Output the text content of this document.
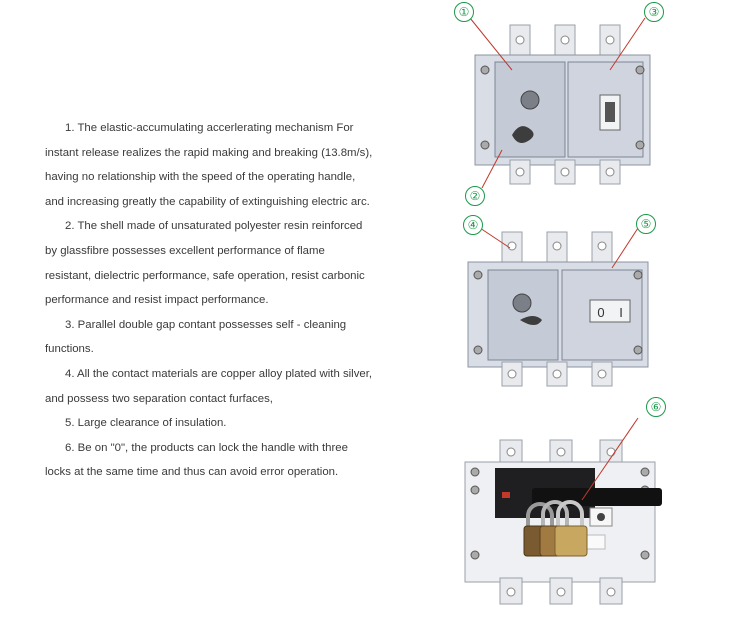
1. The elastic-accumulating accerlerating mechanism For

instant release realizes the rapid making and breaking (13.8m/s),

having no relationship with the speed of the operating handle,

and increasing greatly the capability of extinguishing electric arc.

2. The shell made of unsaturated polyester resin reinforced

by glassfibre possesses excellent performance of flame

resistant, dielectric performance, safe operation, resist carbonic

performance and resist impact performance.

3. Parallel double gap contant possesses self - cleaning

functions.

4. All the contact materials are copper alloy plated with silver,

and possess two separation contact furfaces,

5. Large clearance of insulation.

6. Be on "0", the products can lock the handle with three

locks at the same time and thus can avoid error operation.

0 I
①
②
③
④	⑤
⑥
